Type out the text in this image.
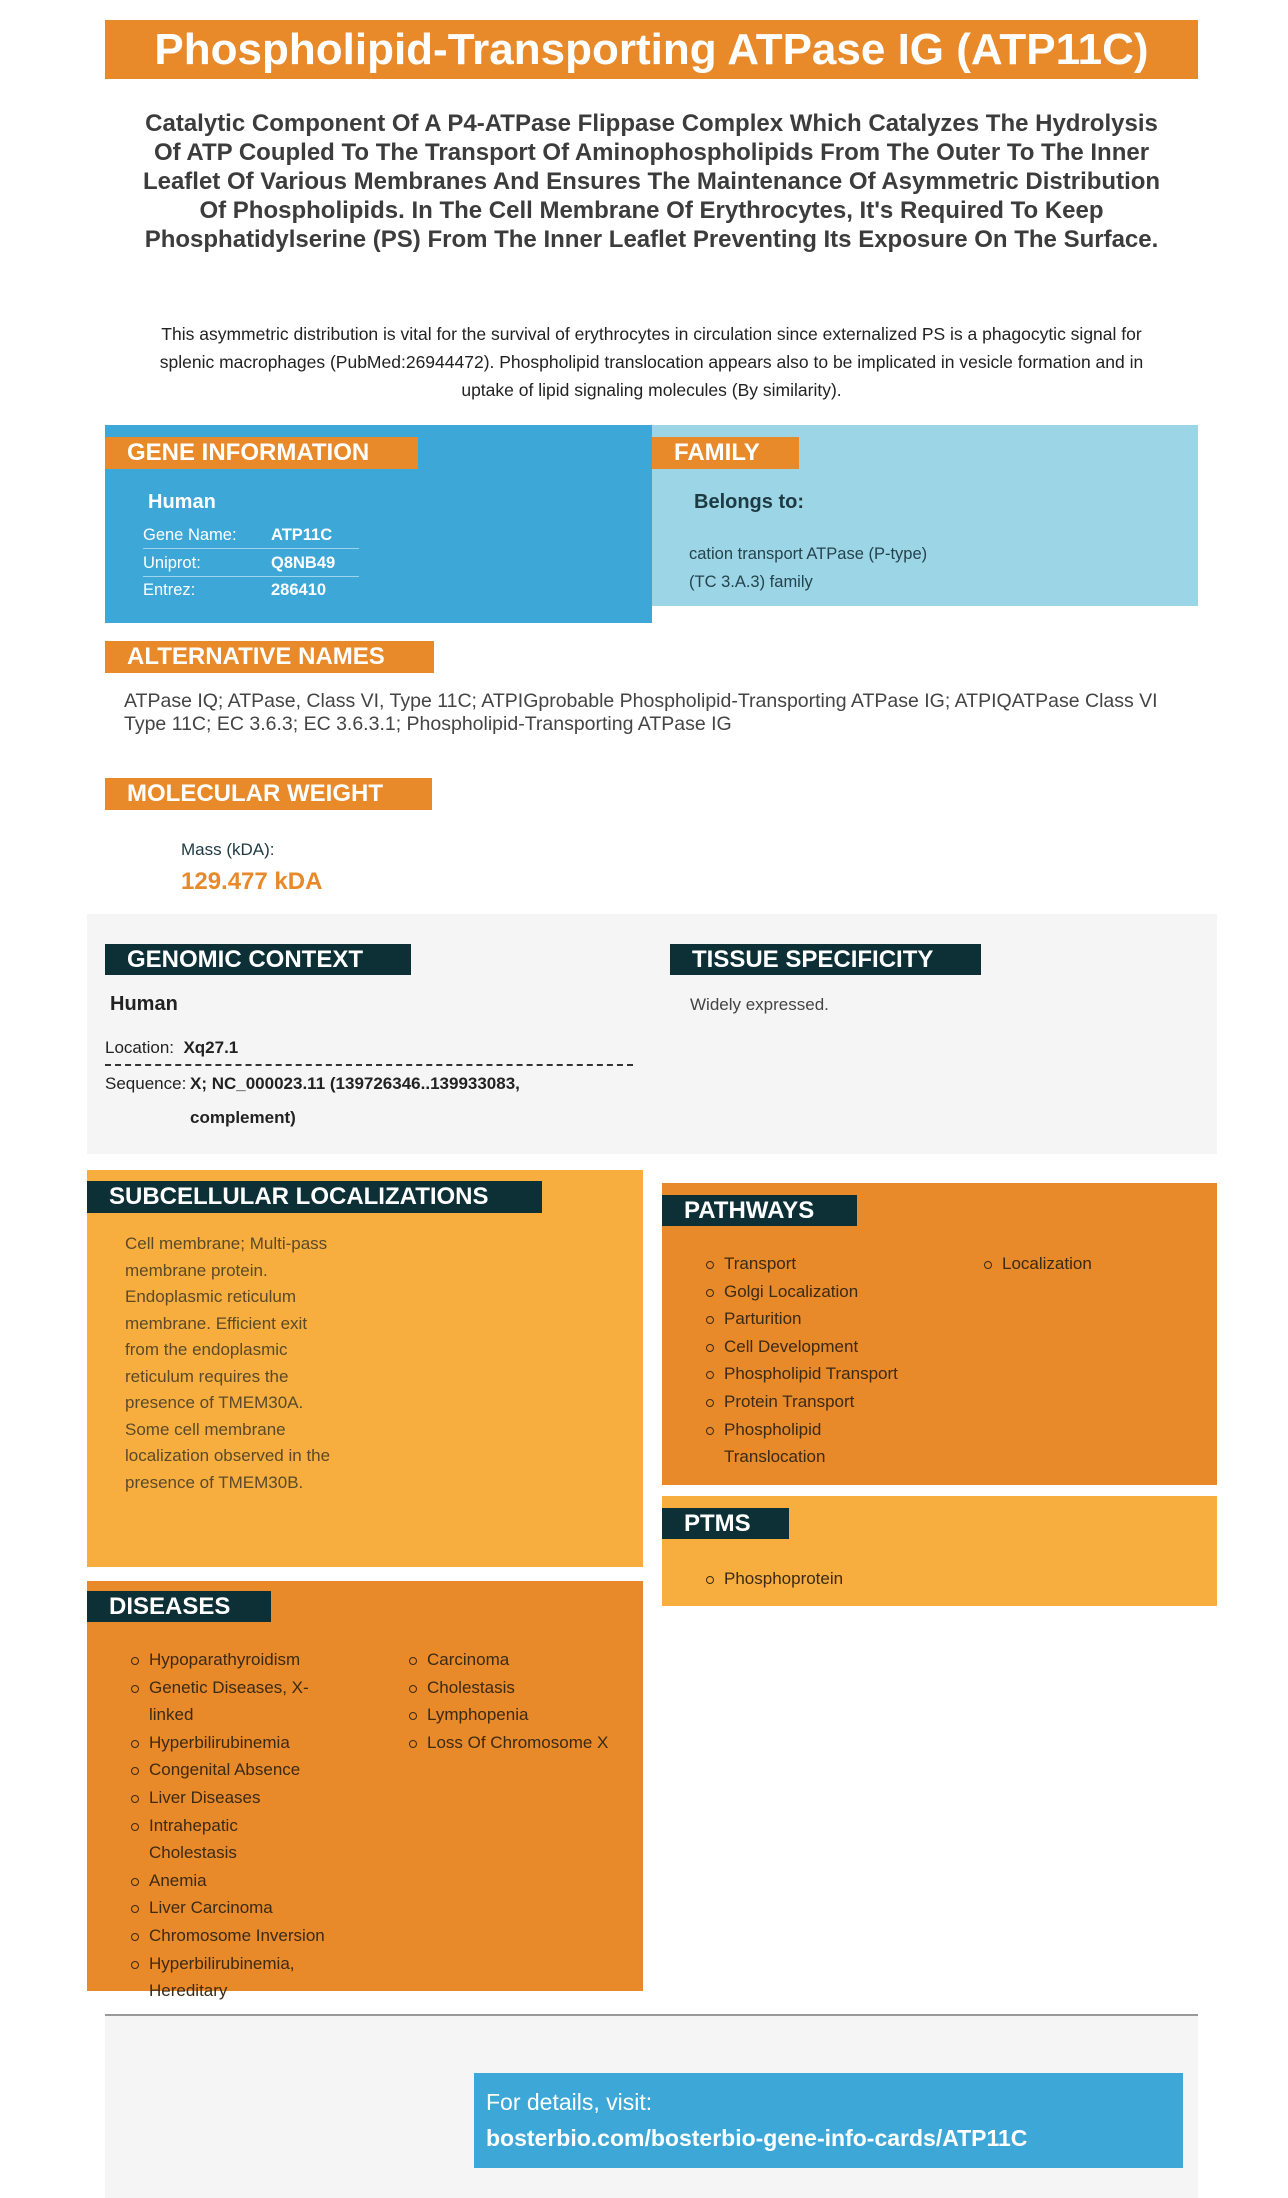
Phospholipid-Transporting ATPase IG (ATP11C)
Catalytic Component Of A P4-ATPase Flippase Complex Which Catalyzes The Hydrolysis Of ATP Coupled To The Transport Of Aminophospholipids From The Outer To The Inner Leaflet Of Various Membranes And Ensures The Maintenance Of Asymmetric Distribution Of Phospholipids. In The Cell Membrane Of Erythrocytes, It's Required To Keep Phosphatidylserine (PS) From The Inner Leaflet Preventing Its Exposure On The Surface.
This asymmetric distribution is vital for the survival of erythrocytes in circulation since externalized PS is a phagocytic signal for splenic macrophages (PubMed:26944472). Phospholipid translocation appears also to be implicated in vesicle formation and in uptake of lipid signaling molecules (By similarity).
GENE INFORMATION
Human
Gene Name: ATP11C
Uniprot:	Q8NB49
Entrez:	286410
FAMILY
Belongs to:
cation transport ATPase (P-type) (TC 3.A.3) family
ALTERNATIVE NAMES
ATPase IQ; ATPase, Class VI, Type 11C; ATPIGprobable Phospholipid-Transporting ATPase IG; ATPIQATPase Class VI Type 11C; EC 3.6.3; EC 3.6.3.1; Phospholipid-Transporting ATPase IG
MOLECULAR WEIGHT
Mass (kDA):
129.477 kDA
GENOMIC CONTEXT
Human
Location: Xq27.1
Sequence: X; NC_000023.11 (139726346..139933083, complement)
TISSUE SPECIFICITY
Widely expressed.
SUBCELLULAR LOCALIZATIONS
Cell membrane; Multi-pass membrane protein. Endoplasmic reticulum membrane. Efficient exit from the endoplasmic reticulum requires the presence of TMEM30A. Some cell membrane localization observed in the presence of TMEM30B.
PATHWAYS
Transport
Golgi Localization
Parturition
Cell Development
Phospholipid Transport
Protein Transport
Phospholipid Translocation
Localization
PTMS
Phosphoprotein
DISEASES
Hypoparathyroidism
Genetic Diseases, X-linked
Hyperbilirubinemia
Congenital Absence
Liver Diseases
Intrahepatic Cholestasis
Anemia
Liver Carcinoma
Chromosome Inversion
Hyperbilirubinemia, Hereditary
Carcinoma
Cholestasis
Lymphopenia
Loss Of Chromosome X
For details, visit:
bosterbio.com/bosterbio-gene-info-cards/ATP11C
